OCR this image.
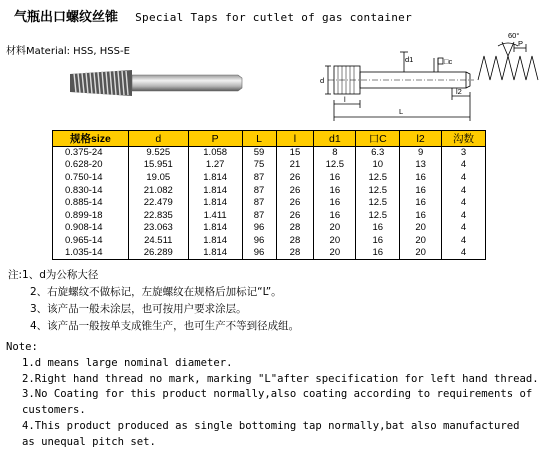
气瓶出口螺纹丝锥 Special Taps for cutlet of gas container
材料Material: HSS, HSS-E
60°
P
d
d1	□c
l
l2
L
规格size	d	P	L	l	d1	口C	l2	沟数
0.375-24	9.525	1.058	59	15	8	6.3	9	3
0.628-20	15.951	1.27	75	21	12.5	10	13	4
0.750-14	19.05	1.814	87	26	16	12.5	16	4
0.830-14	21.082	1.814	87	26	16	12.5	16	4
0.885-14	22.479	1.814	87	26	16	12.5	16	4
0.899-18	22.835	1.411	87	26	16	12.5	16	4
0.908-14	23.063	1.814	96	28	20	16	20	4
0.965-14	24.511	1.814	96	28	20	16	20	4
1.035-14	26.289	1.814	96	28	20	16	20	4
注:1、d为公称大径
2、右旋螺纹不做标记，左旋螺纹在规格后加标记“L”。
3、该产品一般未涂层，也可按用户要求涂层。
4、该产品一般按单支成锥生产，也可生产不等到径成组。
Note:
1.d means large nominal diameter.
2.Right hand thread no mark, marking "L"after specification for left hand thread.
3.No Coating for this product normally,also coating according to requirements of
customers.
4.This product produced as single bottoming tap normally,bat also manufactured
as unequal pitch set.
